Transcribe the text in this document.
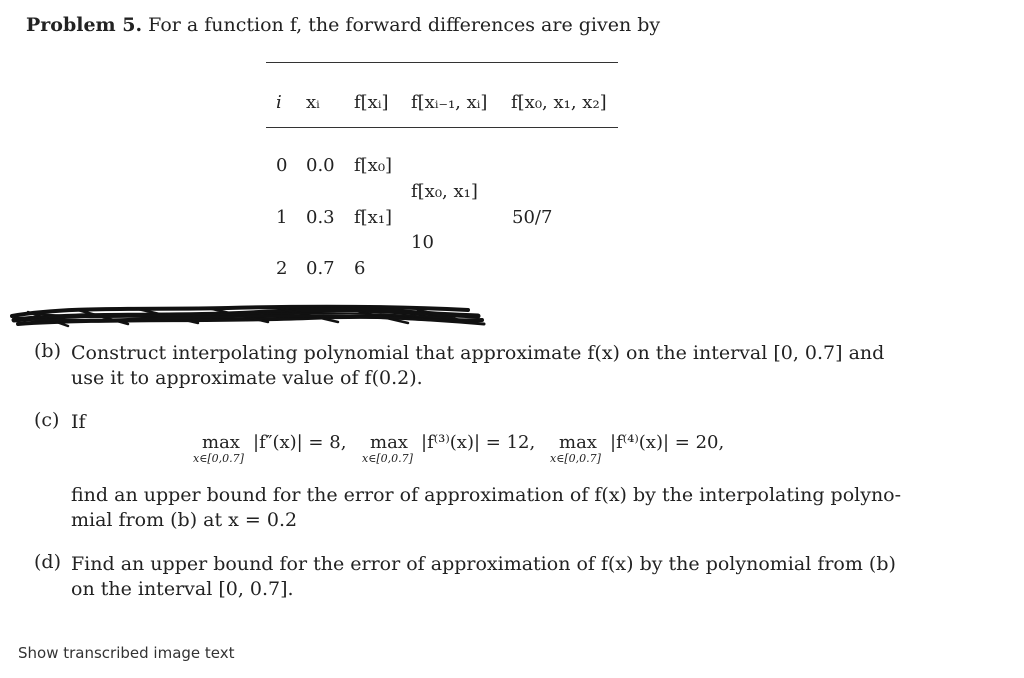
Problem 5. For a function f, the forward differences are given by
i xᵢ f[xᵢ] f[xᵢ₋₁, xᵢ] f[x₀, x₁, x₂]
0 0.0 f[x₀]
f[x₀, x₁]
1 0.3 f[x₁]	50/7
10
2 0.7 6
(b) Construct interpolating polynomial that approximate f(x) on the interval [0, 0.7] and
use it to approximate value of f(0.2).
(c) If
max
x∈[0,0.7]
|f″(x)| = 8, max
x∈[0,0.7]
|f⁽³⁾(x)| = 12, max
x∈[0,0.7]
|f⁽⁴⁾(x)| = 20,
find an upper bound for the error of approximation of f(x) by the interpolating polyno-
mial from (b) at x = 0.2
(d) Find an upper bound for the error of approximation of f(x) by the polynomial from (b)
on the interval [0, 0.7].
Show transcribed image text
